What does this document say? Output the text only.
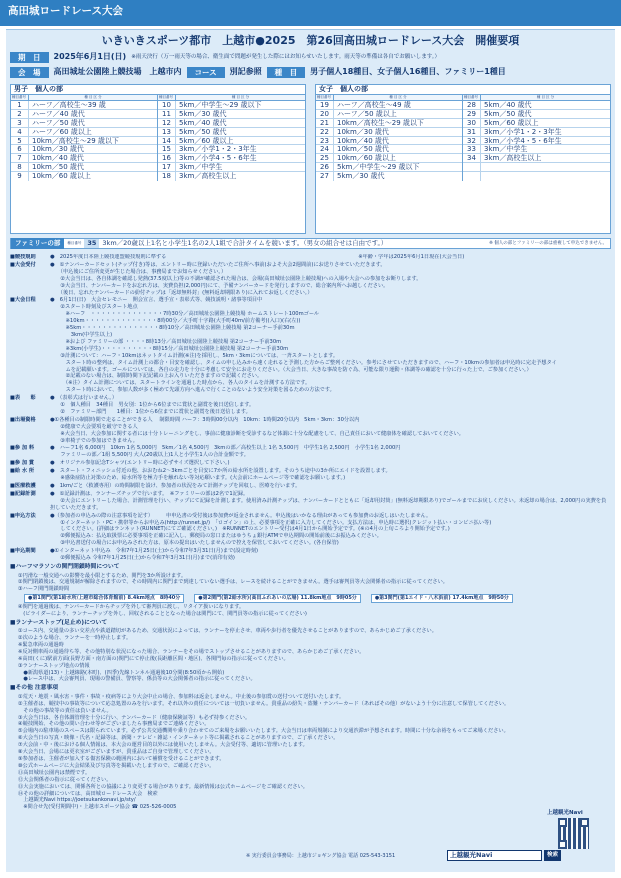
高田城ロードレース大会
いきいきスポーツ都市　上越市●2025　第26回高田城ロードレース大会　開催要項
期　日	2025年6月1日(日) ※雨天決行（万一雨天等の場合、衛生面で問題が発生した際にはお知らせいたします。雨天等の準備は各自でお願いします。）
会　場	高田城址公園陸上競技場　上越市内	コース	別記参照	種　目	男子個人18種目、女子個人16種目、ファミリー1種目
男子　個人の部
種目番号	種 目 区 分
1	ハーフ／高校生～39 歳
2	ハーフ／40 歳代
3	ハーフ／50 歳代
4	ハーフ／60 歳以上
5	10km／高校生～29 歳以下
6	10km／30 歳代
7	10km／40 歳代
8	10km／50 歳代
9	10km／60 歳以上
種目番号	種 目 区 分
10	5km／中学生～29 歳以下
11	5km／30 歳代
12	5km／40 歳代
13	5km／50 歳代
14	5km／60 歳以上
15	3km／小学1・2・3年生
16	3km／小学4・5・6年生
17	3km／中学生
18	3km／高校生以上
女子　個人の部
種目番号	種 目 区 分
19	ハーフ／高校生～49 歳
20	ハーフ／50 歳以上
21	10km／高校生～29 歳以下
22	10km／30 歳代
23	10km／40 歳代
24	10km／50 歳代
25	10km／60 歳以上
26	5km／中学生～29 歳以下
27	5km／30 歳代
種目番号	種 目 区 分
28	5km／40 歳代
29	5km／50 歳代
30	5km／60 歳以上
31	3km／小学1・2・3年生
32	3km／小学4・5・6年生
33	3km／中学生
34	3km／高校生以上
ファミリーの部	種目番号 35 3km／20歳以上1名と小学生1名の2人1組で合計タイムを競います。（男女の組合せは自由です。）	※ 個人の部とファミリーの部は重複して申込できません。
■競技規則	●　2025年度日本陸上競技連盟競技規則に準ずる　　　　　　　　　　　　　　　　　　　　　　　　　　　　　　　　　　　　　※年齢・学年は2025年6月1日現在(大会当日)
■大会受付	●　①ナンバーカードセット(チップ付き)等は、エントリー時に登録いただいたご住所へ事前(およそ大会2週間前)にお送りさせていただきます。
　　（申込後にご住所変更が生じた場合は、事務局までお知らせください。）
　　②大会当日は、各自体調を確認し発熱(37.5度以上)等の不調が確認された場合は、会場(高田城址公園陸上競技場)への入場や大会への参加をお断りします。
　　③大会当日、ナンバーカードをお忘れ方は、実費負担(2,000円)にて、予備ナンバーカードを発行しますので、総合案内所へお越しください。
　　（後日、忘れたナンバーカードの紛付チップは「返却無料封」(無料返却期限あり)に入れてお返しください。）
■大会日程	●　6月1日(日)　大会セレモニー　開会宣言、選手宣・表彰式等、競技説明・諸事等項目中
　　②スタート時刻及びスタート地点
　　　※ハーフ　・・・・・・・・・・・・・・7時30分／高田城址公園陸上競技場 ホームストレート100mゴール
　　　※10km・・・・・・・・・・・・・・8時00分／大手町十字路(大手町40m/前方備考)(入口)(右(左))
　　　※5km・・・・・・・・・・・・・・・8時10分／高田城址公園陸上競技場 第2コーナー手前30m
　　　　3km(中学生以上)
　　　※および ファミリーの部 ・・・・8時13分／高田城址公園陸上競技場 第2コーナー手前30m
　　　※3km(小学生)・・・・・・・・・・8時15分／高田城址公園陸上競技場 第2コーナー手前30m
　　③計測について：ハーフ・10kmはネットタイム計測(※注)を採用し、5km・3kmについては、一斉スタートとします。
　　　スタート時の整列は、タイム計測上の都合・目安を確認し、タイムの申し込みから速く走れると予測した方からご整列ください。参考にさせていただきますので、ハーフ・10kmの参加者は申込時に完走予想タイ
　　　ムを記載願います。ゴールについては、各自の走力を十分に考慮して安全にお走りください。（大会当日、大きな事故を防ぐ為、可能な限り運動・体調等の確認を十分に行った上で、ご参加ください。）
　　　②記載のない場合は、制限時間下記記載の上お入りいただきますので記載ください。
　　　（※注）タイム計測については、スタートラインを通過した時点から、各人のタイムを計測する方法です。
　　　スタート時において、参加人数が多く極めて先頭方向へ進んで行くことのないよう安全対策を図るための方法です。
■表　　彰	●　（表彰式は行いません。）
　　①　個人種目　34種目　男女別：1位から6位までに賞状と副賞を後日送信します。
　　②　ファミリー部門　　1種目：1位から6位までに賞状と副賞を後日送信します。
■出場資格	●①各種目の制限時間で走ることができる人　 制限時間 ハーフ：3時間00分以内　10km：1時間20分以内　5km・3km：30分以内
　　②健康で大会要項を厳守できる人
　　※大会当日、大会参加に関する者には十分トレーニングをし、事前に健康診断を受診するなど体調に十分な配慮をして、自己責任において健康体を確認しておいてください。
　　③車椅子での参加はできません。
■参 加 料	●　ハーフ1名 6,000円　10km 1名 5,000円　5km／1名 4,500円　3kmの部／高校生以上 1名 3,500円　中学生1名 2,500円　小学生1名 2,000円
　　ファミリーの部／1組 5,500円 大人(20歳以上)1人と小学生1人の合計金額です。
■参 加 賞	●　オリジナル参加記念Tシャツ(エントリー時に必ずサイズ選択して下さい。)
■給 水 所	●　スタート・フィニッシュ付近の他、おおむね2～3kmごとを目安に7か所の給水所を設置します。そのうち途中の3か所にエイドを設置します。
　　※感染症防止対策のため、給水所等を極力手を触れない等対応願います。(大会前にホームページ等で確認をお願いします。)
■医療救護	●　1km/ごと（救護専用）の時間制限を設け、参加者の状況をみて計測チップを回収し、医療を行います。
■記録計測	●　①記録計測は、ランナーズチップで行います。　※ファミリーの部は2名で1記録。
　　②大会にエントリーした場合、計測管理を行い、チップにて記録を計測します。使用済み計測チップは、ナンバーカードとともに「返却用封筒」(無料返却期限あり)でゴールまでにお戻しください。未返却の場合は、2,000円の実費を負担していただきます。
■申込方法	●（参加者の申込みの際の注意事項を記す）　　　申申込書の受付後は参加費が返金されません。申込後はいかなる理由があっても参加費のお返しはいたしません。
　　①インターネット・PC・携帯等からお申込み(http://runnet.jp/)　「ロゴイン」の上、必要事項を正確に入力してください。支払方法は、申込時に選択(クレジット払い・コンビニ払い等)
　　してください。(詳細はランネット(RUNNET)にてご確認ください。)　※RUNNETのエントリー受付は4月1日から開始予定です。(※の4月の上旬ころより開始予定です。)
　　②郵便振込み：払込取扱票に必要事項を正確に記入し、郵便局の窓口またはゆうちょ銀行ATMで申込期間の開始前後にお振込みください。
　　③申込書送付の場合にお申込みされた方は、原本の提出はいたしませんので控えを保管しておいてください。(各自保管)
■申込期間	●①インターネット申込み　令和7年1月25日(土)から令和7年3月31日(月)まで(設定時刻)
　　②郵便振込み 令和7年1月25日(土)から令和7年3月31日(月)まで(消印有効)
■ハーフマラソンの関門閉鎖時間について
①円滑な一般交通への影響を最小限とするため、関門を3か所設けます。
②関門閉鎖後は、交通規制が解除されますので、その時間内に関門まで到達していない選手は、レースを続けることができません。選手は審判員等大会関係者の指示に従ってください。
③ハーフ関門閉鎖時間
●第1関門(第1給水所/上越市総合体育館前) 8.4km地点　8時40分	●第2関門(第2給水所)(高田ふれあいの広場) 11.8km地点　9時05分	●第3関門(第1エイド・八木浜前) 17.4km地点　9時50分
④関門を通過後は、ナンバーカードからチップを外して審判員に渡し、リタイア扱いになります。
　(ビライダーにより、ランナーチップを外し、回収されることとなった場合は関門にて、関門員等の指示に従ってください)
■ランナーストップ(足止め)について
①コース内、交通量の多い交差点や鉄道踏切があるため、交通状況によっては、ランナーを停止させ、車両や歩行者を優先させることがありますので、あらかじめご了承ください。
②次のような場合、ランナーを一時停止します。
※緊急車両の通過時
※反対側車両の通過待ち等、その他特別な状況になった場合、ランナーをその場でストップさせることがありますので、あらかじめご了承ください。
※高田(くに)駅前方面(長野方面・南方面の)関門にて停止後(長距離区間・地区)、各関門毎の指示に従ってください。
③ランナーストップ地点の情報
　●新潟県道(13)・上越線路(本町)、(四季)先線トンネル通過後10分間(8:50頃から開始)
　●レース中は、大会審判員、現場の警備員、警察等、係員等の大会関係者の指示に従ってください。
■その他 注意事項
①荒天・地震・風水害・事件・事故・疫病等により大会中止の場合、参加料は返金しません。中止後の参加賞の送付ついて送付いたします。
②主催者は、競技中の事故等について応急処置のみを行います。それ以外の責任については一切負いません。貴重品の紛失・盗難・ナンバーカード（あればその他）がないよう十分に注意して保管してください。
　その他の事故等の責任は負いません。
③大会当日は、各自体調管理を十分に行い、ナンバーカード（健康保険証等）も必ず持参ください。
④競技開始、その他の問い合わせ等がございましたら事務局までご連絡ください。
⑤会場内の駐車場のスペースは限られています。必ず公共交通機関や乗り合わせてのご来場をお願いいたします。大会当日は車両規制により交通渋滞が予想されます。時間に十分な余裕をもってご来場ください。
⑥大会当日の写真・映像・氏名・記録等は、新聞・テレビ・雑誌・インターネット等に掲載されることがありますので、ご了承ください。
⑦大会前・中・後における個人情報は、本大会の運営目的以外には使用いたしません。大会受付等、適切に管理いたします。
⑧大会当日、会場には更衣室がございますが、貴重品はご自身で管理してください。
⑨参加者は、主催者が加入する傷害保険の範囲内において補償を受けることができます。
⑩公式ホームページに大会結果及び写真等を掲載いたしますので、ご確認ください。
⑪高田城址公園内は禁煙です。
⑫大会関係者の指示に従ってください。
⑬大会実施においては、関係各所との協議により変更する場合があります。最新情報は公式ホームページをご確認ください。
⑭その他の詳細については、高田城ロードレース大会　検索
　上越観光Navi https://joetsukankonavi.jp/sty/
　※問合せ先(受付期間中)・上越市スポーツ協会 ☎ 025-526-0005
上越観光Navi
上越観光Navi	検索
※ 実行委員会事務局：上越市ジョギング協会 電話 025-543-3151
